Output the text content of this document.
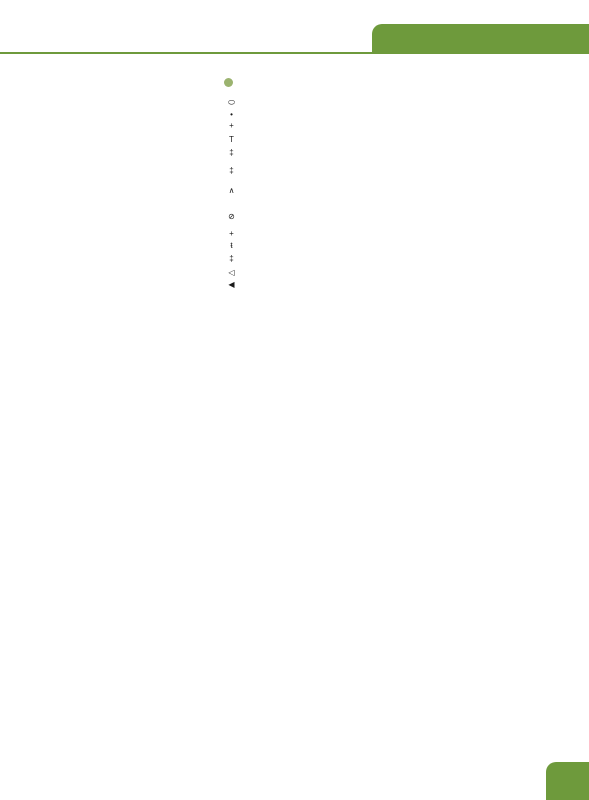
⬭
•
+
T
‡
‡
∧
⊘
+
ŧ
‡
◁
◀
